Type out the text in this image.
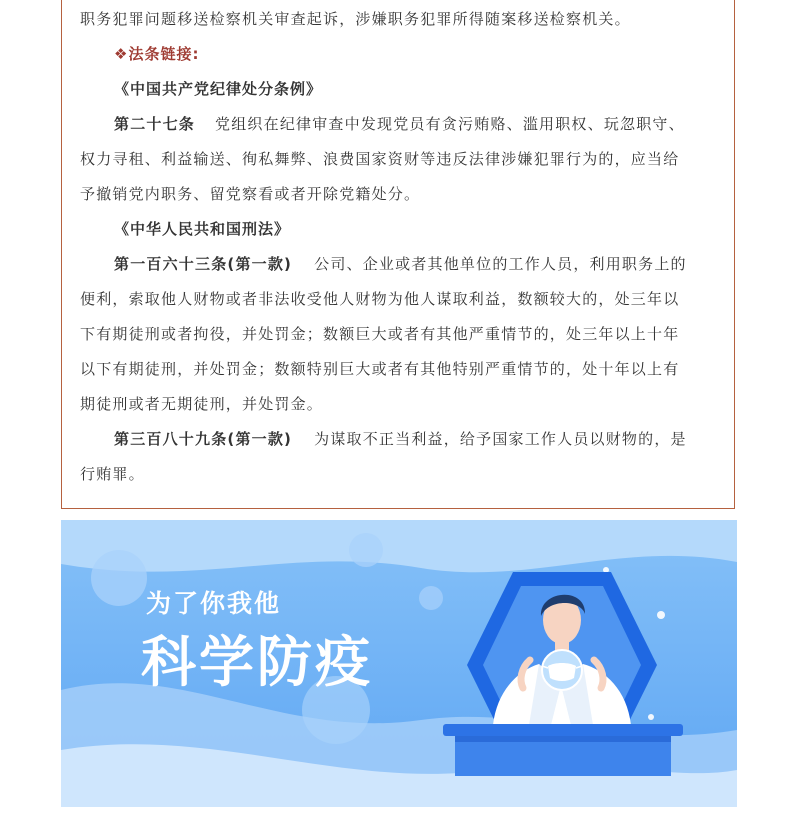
职务犯罪问题移送检察机关审查起诉，涉嫌职务犯罪所得随案移送检察机关。
❖法条链接:
《中国共产党纪律处分条例》
第二十七条 党组织在纪律审查中发现党员有贪污贿赂、滥用职权、玩忽职守、
权力寻租、利益输送、徇私舞弊、浪费国家资财等违反法律涉嫌犯罪行为的，应当给
予撤销党内职务、留党察看或者开除党籍处分。
《中华人民共和国刑法》
第一百六十三条(第一款) 公司、企业或者其他单位的工作人员，利用职务上的
便利，索取他人财物或者非法收受他人财物为他人谋取利益，数额较大的，处三年以
下有期徒刑或者拘役，并处罚金；数额巨大或者有其他严重情节的，处三年以上十年
以下有期徒刑，并处罚金；数额特别巨大或者有其他特别严重情节的，处十年以上有
期徒刑或者无期徒刑，并处罚金。
第三百八十九条(第一款) 为谋取不正当利益，给予国家工作人员以财物的，是
行贿罪。
为了你我他
科学防疫
